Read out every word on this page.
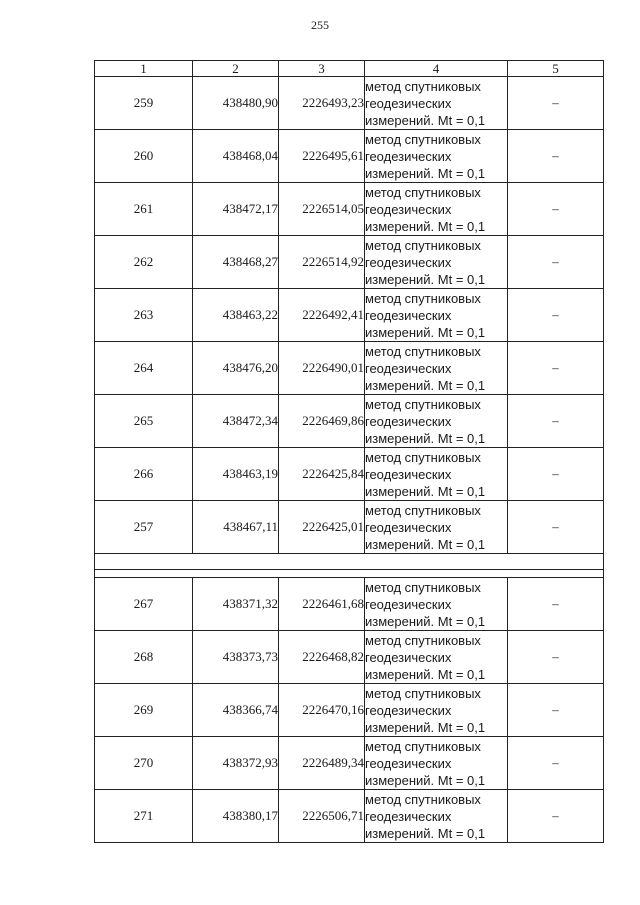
255
1	2	3	4	5
259	438480,90	2226493,23	метод спутниковых
геодезических
измерений. Mt = 0,1	–
260	438468,04	2226495,61	метод спутниковых
геодезических
измерений. Mt = 0,1	–
261	438472,17	2226514,05	метод спутниковых
геодезических
измерений. Mt = 0,1	–
262	438468,27	2226514,92	метод спутниковых
геодезических
измерений. Mt = 0,1	–
263	438463,22	2226492,41	метод спутниковых
геодезических
измерений. Mt = 0,1	–
264	438476,20	2226490,01	метод спутниковых
геодезических
измерений. Mt = 0,1	–
265	438472,34	2226469,86	метод спутниковых
геодезических
измерений. Mt = 0,1	–
266	438463,19	2226425,84	метод спутниковых
геодезических
измерений. Mt = 0,1	–
257	438467,11	2226425,01	метод спутниковых
геодезических
измерений. Mt = 0,1	–

267	438371,32	2226461,68	метод спутниковых
геодезических
измерений. Mt = 0,1	–
268	438373,73	2226468,82	метод спутниковых
геодезических
измерений. Mt = 0,1	–
269	438366,74	2226470,16	метод спутниковых
геодезических
измерений. Mt = 0,1	–
270	438372,93	2226489,34	метод спутниковых
геодезических
измерений. Mt = 0,1	–
271	438380,17	2226506,71	метод спутниковых
геодезических
измерений. Mt = 0,1	–
